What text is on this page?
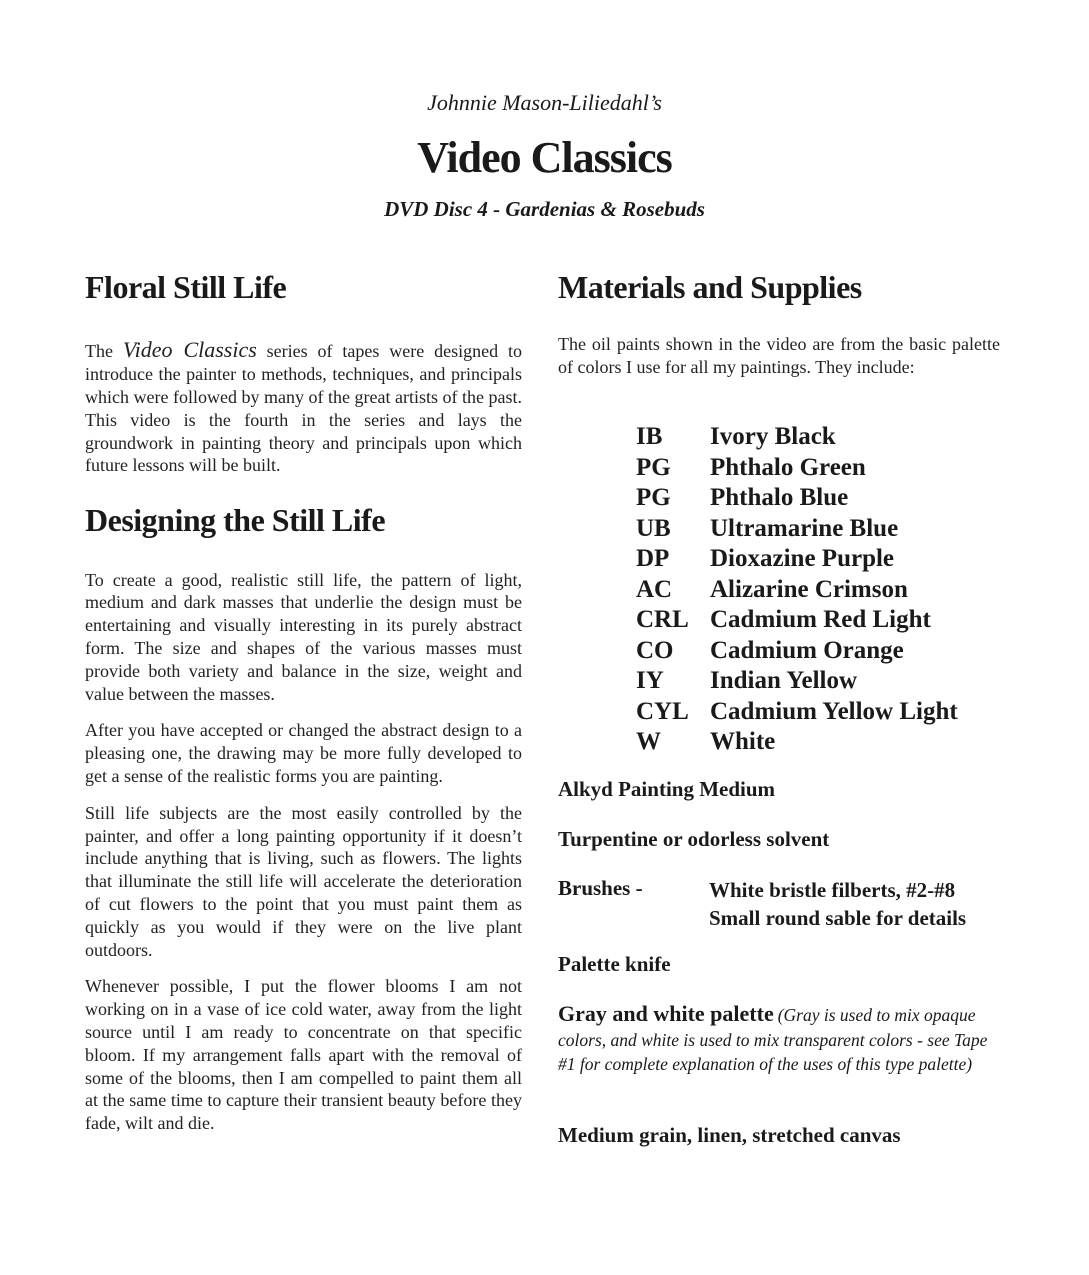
Johnnie Mason-Liliedahl’s
Video Classics
DVD Disc 4 - Gardenias & Rosebuds
Floral Still Life

The Video Classics series of tapes were designed to introduce the painter to methods, techniques, and principals which were followed by many of the great artists of the past. This video is the fourth in the series and lays the groundwork in painting theory and principals upon which future lessons will be built.

Designing the Still Life

To create a good, realistic still life, the pattern of light, medium and dark masses that underlie the design must be entertaining and visually interesting in its purely abstract form. The size and shapes of the various masses must provide both variety and balance in the size, weight and value between the masses.

After you have accepted or changed the abstract design to a pleasing one, the drawing may be more fully developed to get a sense of the realistic forms you are painting.

Still life subjects are the most easily controlled by the painter, and offer a long painting opportunity if it doesn’t include anything that is living, such as flowers. The lights that illuminate the still life will accelerate the deterioration of cut flowers to the point that you must paint them as quickly as you would if they were on the live plant outdoors.

Whenever possible, I put the flower blooms I am not working on in a vase of ice cold water, away from the light source until I am ready to concentrate on that specific bloom. If my arrangement falls apart with the removal of some of the blooms, then I am compelled to paint them all at the same time to capture their transient beauty before they fade, wilt and die.

Materials and Supplies

The oil paints shown in the video are from the basic palette of colors I use for all my paintings. They include:

IB	Ivory Black
PG	Phthalo Green
PG	Phthalo Blue
UB	Ultramarine Blue
DP	Dioxazine Purple
AC	Alizarine Crimson
CRL Cadmium Red Light
CO	Cadmium Orange
IY	Indian Yellow
CYL Cadmium Yellow Light
W	White
Alkyd Painting Medium
Turpentine or odorless solvent
Brushes -	White bristle filberts, #2-#8
Small round sable for details
Palette knife
Gray and white palette (Gray is used to mix opaque colors, and white is used to mix transparent colors - see Tape #1 for complete explanation of the uses of this type palette)
Medium grain, linen, stretched canvas
